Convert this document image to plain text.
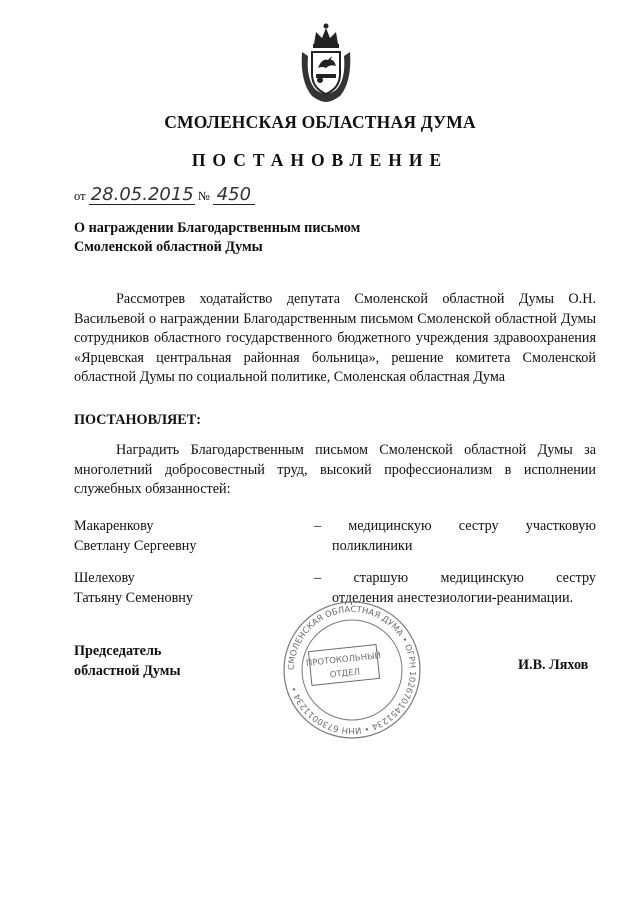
СМОЛЕНСКАЯ ОБЛАСТНАЯ ДУМА
ПОСТАНОВЛЕНИЕ
от 28.05.2015 № 450
О награждении Благодарственным письмом
Смоленской областной Думы
Рассмотрев ходатайство депутата Смоленской областной Думы О.Н. Васильевой о награждении Благодарственным письмом Смоленской областной Думы сотрудников областного государственного бюджетного учреждения здравоохранения «Ярцевская центральная районная больница», решение комитета Смоленской областной Думы по социальной политике, Смоленская областная Дума
ПОСТАНОВЛЯЕТ:
Наградить Благодарственным письмом Смоленской областной Думы за многолетний добросовестный труд, высокий профессионализм в исполнении служебных обязанностей:
Макаренкову
Светлану Сергеевну
– медицинскую сестру участковую
поликлиники
Шелехову
Татьяну Семеновну
– старшую медицинскую сестру
отделения анестезиологии-реанимации.
СМОЛЕНСКАЯ ОБЛАСТНАЯ ДУМА • ОГРН 1026701451234 • ИНН 6730011234 •
ПРОТОКОЛЬНЫЙ
ОТДЕЛ
Председатель
областной Думы	И.В. Ляхов
